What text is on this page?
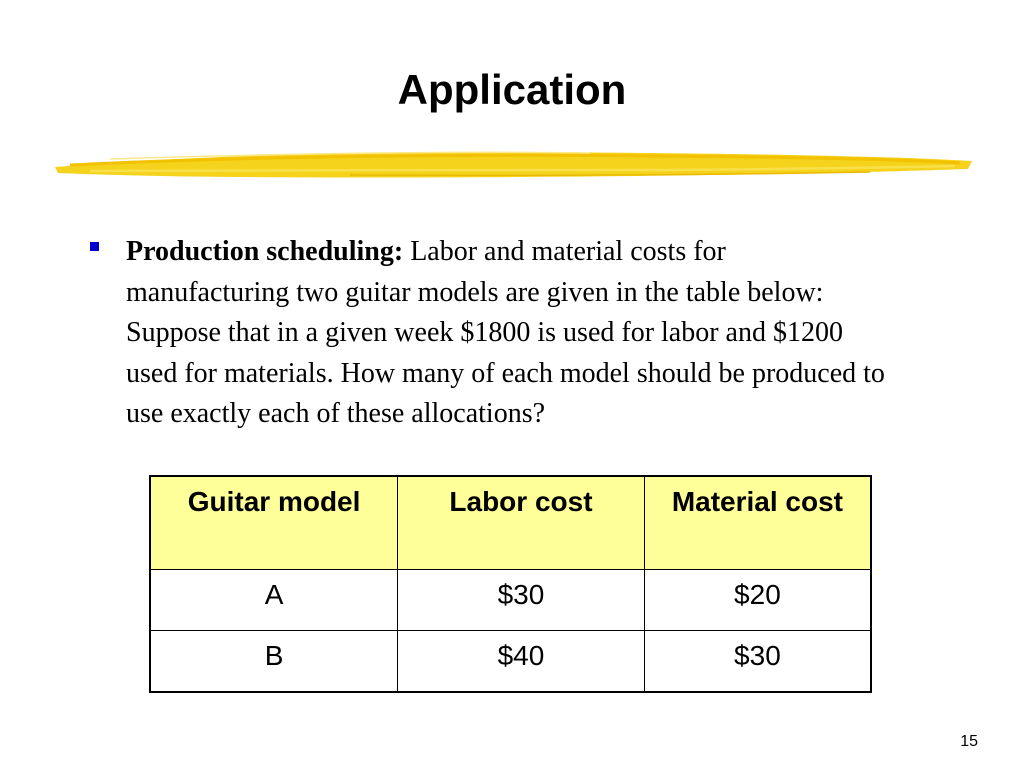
Application

Production scheduling: Labor and material costs for manufacturing two guitar models are given in the table below: Suppose that in a given week $1800 is used for labor and $1200 used for materials. How many of each model should be produced to use exactly each of these allocations?

Guitar model	Labor cost	Material cost
A	$30	$20
B	$40	$30
15
